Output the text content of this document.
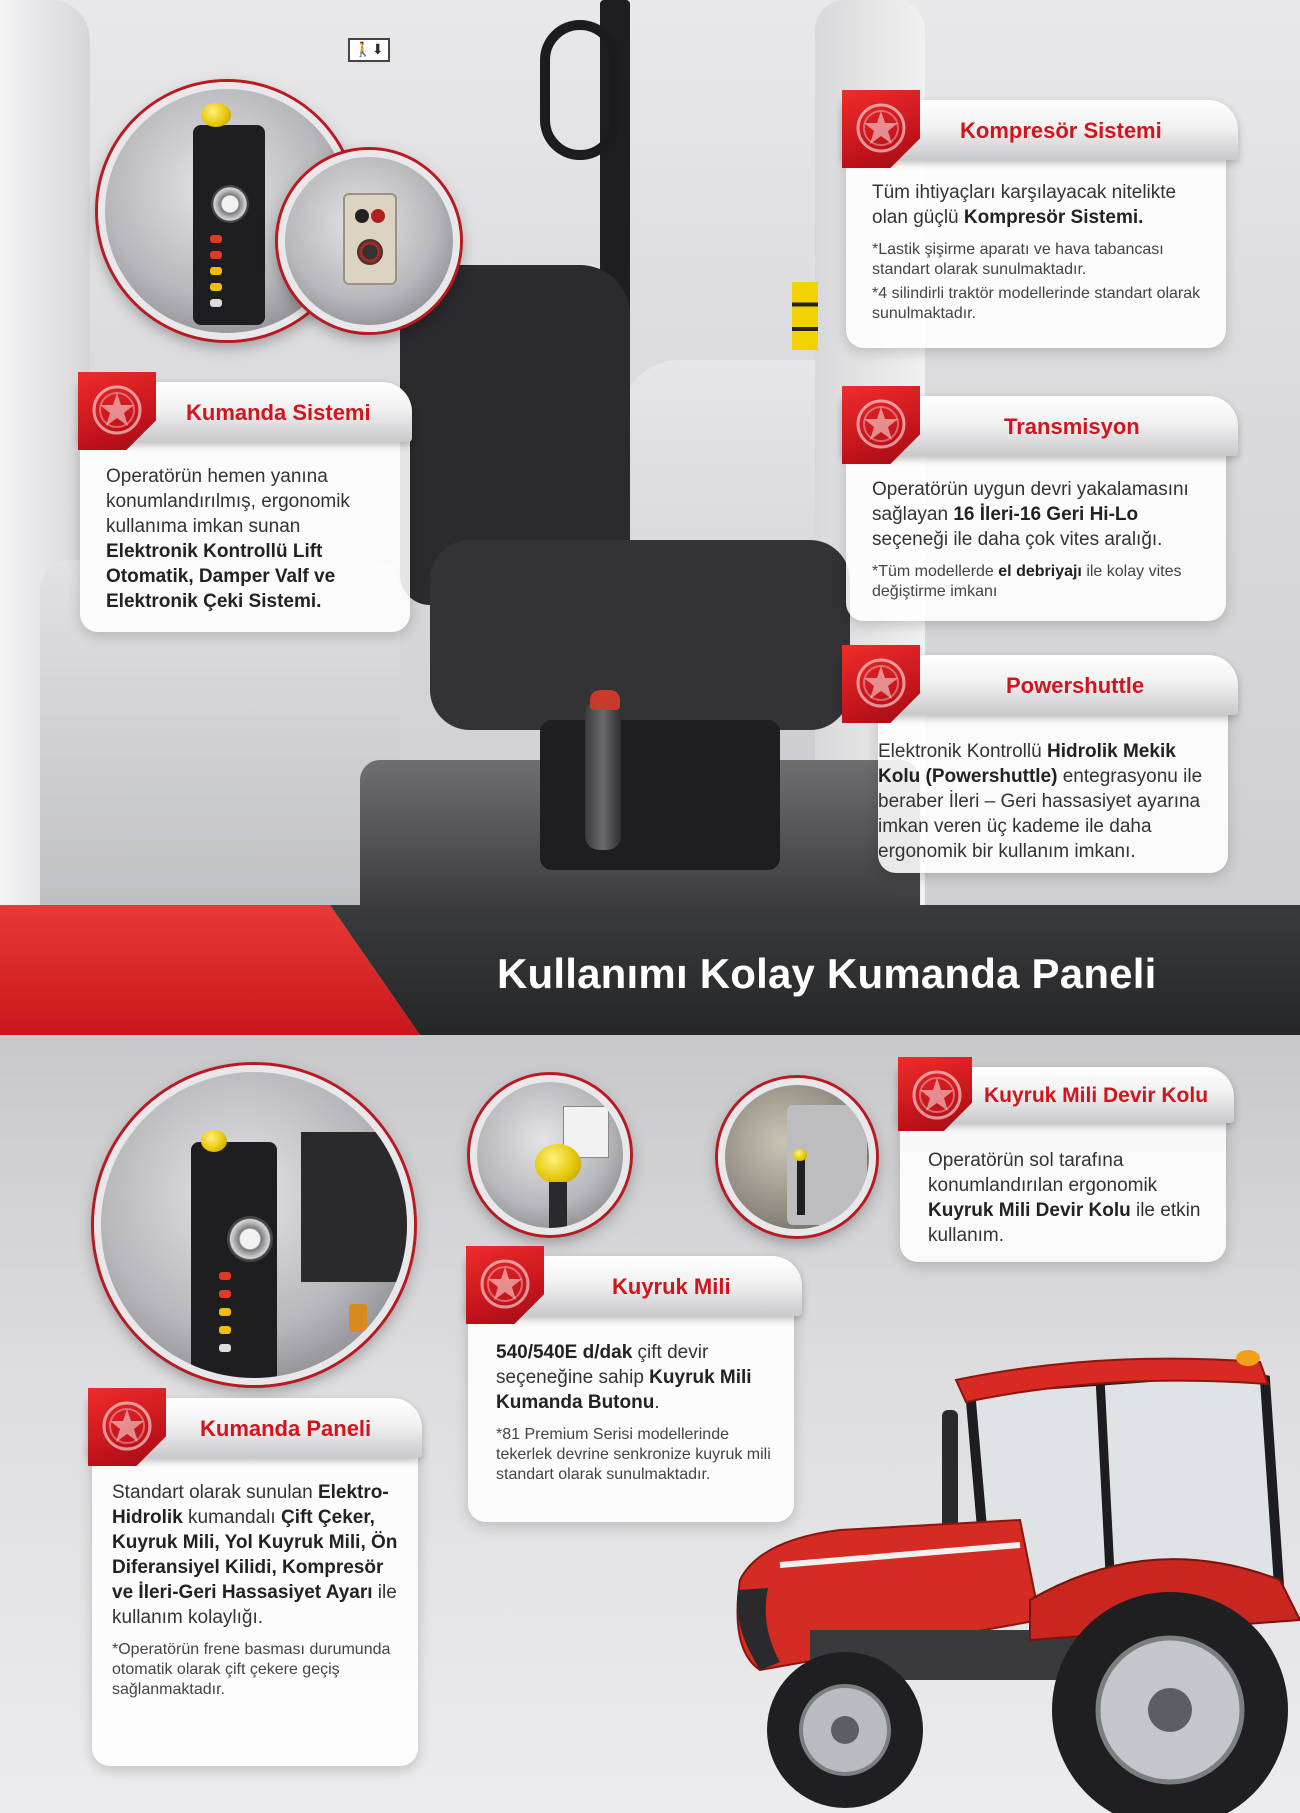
🚶⬇
Tüm ihtiyaçları karşılayacak nitelikte
olan güçlü Kompresör Sistemi.
*Lastik şişirme aparatı ve hava tabancası standart olarak sunulmaktadır.
*4 silindirli traktör modellerinde standart olarak sunulmaktadır.
Kompresör Sistemi
Operatörün hemen yanına konumlandırılmış, ergonomik kullanıma imkan sunan Elektronik Kontrollü Lift Otomatik, Damper Valf ve Elektronik Çeki Sistemi.
Kumanda Sistemi
Operatörün uygun devri yakalamasını sağlayan 16 İleri-16 Geri Hi-Lo seçeneği ile daha çok vites aralığı.
*Tüm modellerde el debriyajı ile kolay vites değiştirme imkanı
Transmisyon
Elektronik Kontrollü Hidrolik Mekik Kolu (Powershuttle) entegrasyonu ile beraber İleri – Geri hassasiyet ayarına imkan veren üç kademe ile daha ergonomik bir kullanım imkanı.
Powershuttle
Kullanımı Kolay Kumanda Paneli
Operatörün sol tarafına konumlandırılan ergonomik Kuyruk Mili Devir Kolu ile etkin kullanım.
Kuyruk Mili Devir Kolu
540/540E d/dak çift devir seçeneğine sahip Kuyruk Mili Kumanda Butonu.
*81 Premium Serisi modellerinde tekerlek devrine senkronize kuyruk mili standart olarak sunulmaktadır.
Kuyruk Mili
Standart olarak sunulan Elektro-Hidrolik kumandalı Çift Çeker, Kuyruk Mili, Yol Kuyruk Mili, Ön Diferansiyel Kilidi, Kompresör ve İleri-Geri Hassasiyet Ayarı ile kullanım kolaylığı.
*Operatörün frene basması durumunda otomatik olarak çift çekere geçiş sağlanmaktadır.
Kumanda Paneli
